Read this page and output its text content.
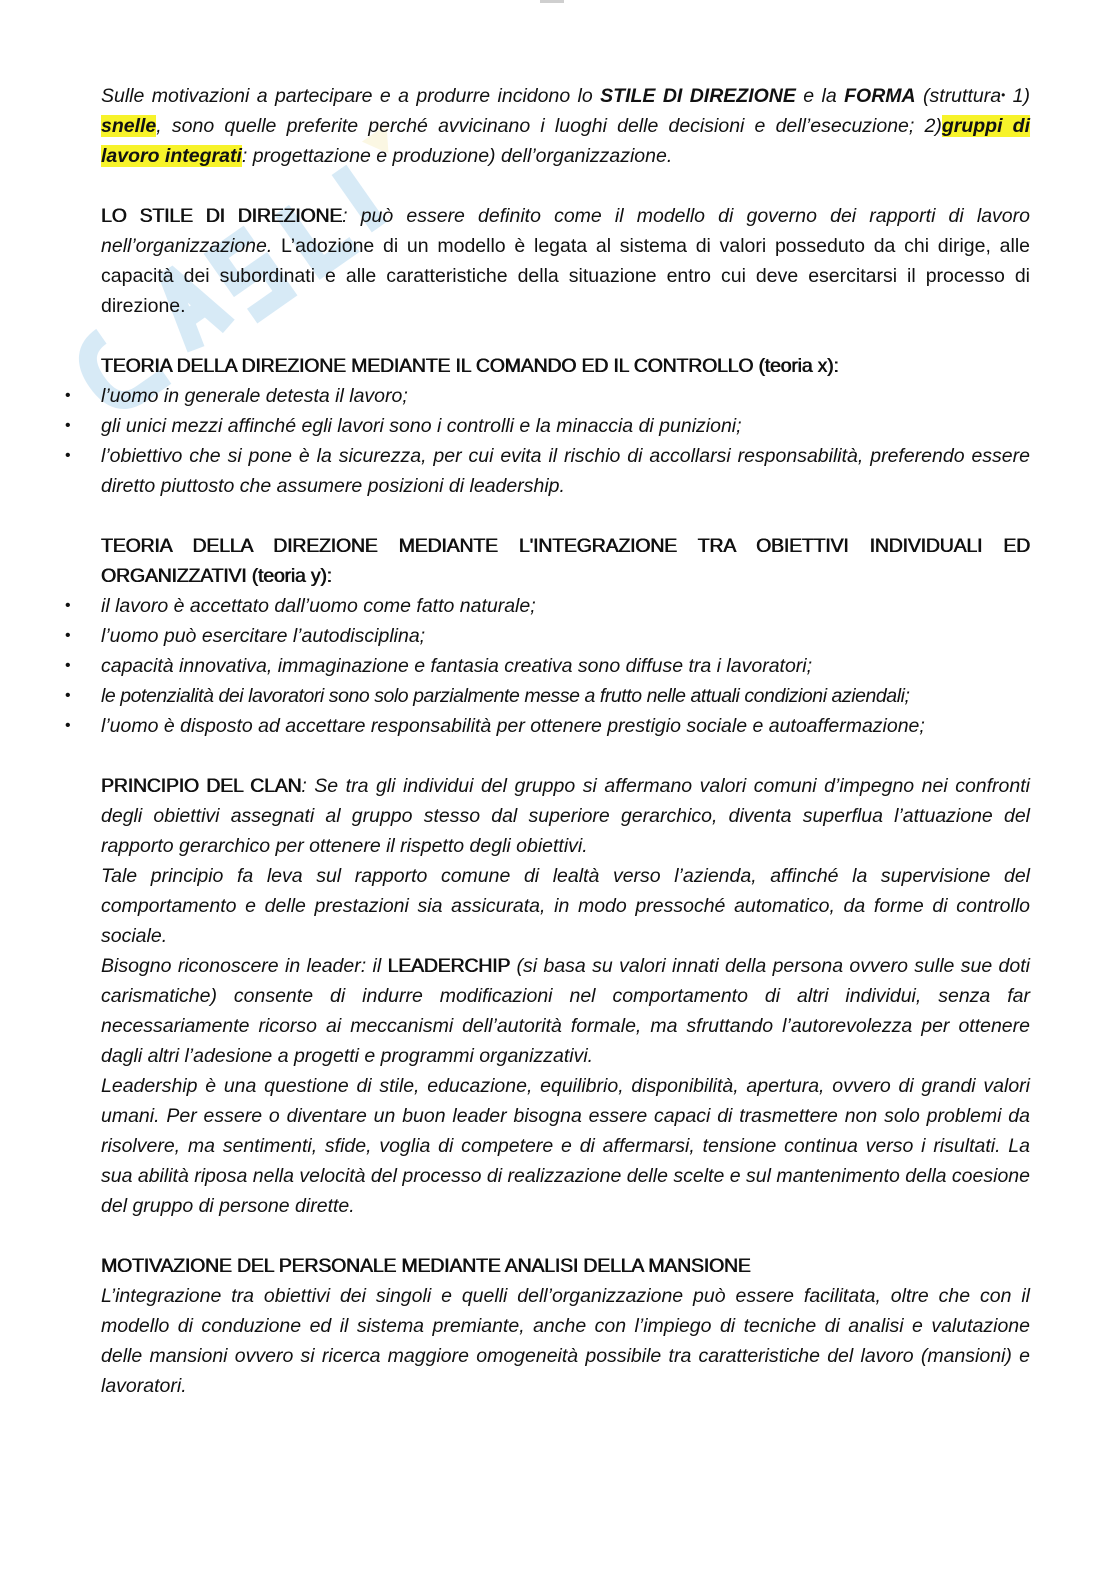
Sulle motivazioni a partecipare e a produrre incidono lo STILE DI DIREZIONE e la FORMA (struttura• 1) snelle, sono quelle preferite perché avvicinano i luoghi delle decisioni e dell’esecuzione; 2)gruppi di lavoro integrati: progettazione e produzione) dell’organizzazione.

LO STILE DI DIREZIONE: può essere definito come il modello di governo dei rapporti di lavoro nell’organizzazione. L’adozione di un modello è legata al sistema di valori posseduto da chi dirige, alle capacità dei subordinati e alle caratteristiche della situazione entro cui deve esercitarsi il processo di direzione.

TEORIA DELLA DIREZIONE MEDIANTE IL COMANDO ED IL CONTROLLO (teoria x):

• l’uomo in generale detesta il lavoro;
• gli unici mezzi affinché egli lavori sono i controlli e la minaccia di punizioni;
• l’obiettivo che si pone è la sicurezza, per cui evita il rischio di accollarsi responsabilità, preferendo essere diretto piuttosto che assumere posizioni di leadership.

TEORIA DELLA DIREZIONE MEDIANTE L'INTEGRAZIONE TRA OBIETTIVI INDIVIDUALI ED ORGANIZZATIVI (teoria y):

• il lavoro è accettato dall’uomo come fatto naturale;
• l’uomo può esercitare l’autodisciplina;
• capacità innovativa, immaginazione e fantasia creativa sono diffuse tra i lavoratori;
• le potenzialità dei lavoratori sono solo parzialmente messe a frutto nelle attuali condizioni aziendali;
• l’uomo è disposto ad accettare responsabilità per ottenere prestigio sociale e autoaffermazione;

PRINCIPIO DEL CLAN: Se tra gli individui del gruppo si affermano valori comuni d’impegno nei confronti degli obiettivi assegnati al gruppo stesso dal superiore gerarchico, diventa superflua l’attuazione del rapporto gerarchico per ottenere il rispetto degli obiettivi.

Tale principio fa leva sul rapporto comune di lealtà verso l’azienda, affinché la supervisione del comportamento e delle prestazioni sia assicurata, in modo pressoché automatico, da forme di controllo sociale.

Bisogno riconoscere in leader: il LEADERCHIP (si basa su valori innati della persona ovvero sulle sue doti carismatiche) consente di indurre modificazioni nel comportamento di altri individui, senza far necessariamente ricorso ai meccanismi dell’autorità formale, ma sfruttando l’autorevolezza per ottenere dagli altri l’adesione a progetti e programmi organizzativi.

Leadership è una questione di stile, educazione, equilibrio, disponibilità, apertura, ovvero di grandi valori umani. Per essere o diventare un buon leader bisogna essere capaci di trasmettere non solo problemi da risolvere, ma sentimenti, sfide, voglia di competere e di affermarsi, tensione continua verso i risultati. La sua abilità riposa nella velocità del processo di realizzazione delle scelte e sul mantenimento della coesione del gruppo di persone dirette.

MOTIVAZIONE DEL PERSONALE MEDIANTE ANALISI DELLA MANSIONE

L’integrazione tra obiettivi dei singoli e quelli dell’organizzazione può essere facilitata, oltre che con il modello di conduzione ed il sistema premiante, anche con l’impiego di tecniche di analisi e valutazione delle mansioni ovvero si ricerca maggiore omogeneità possibile tra caratteristiche del lavoro (mansioni) e lavoratori.
